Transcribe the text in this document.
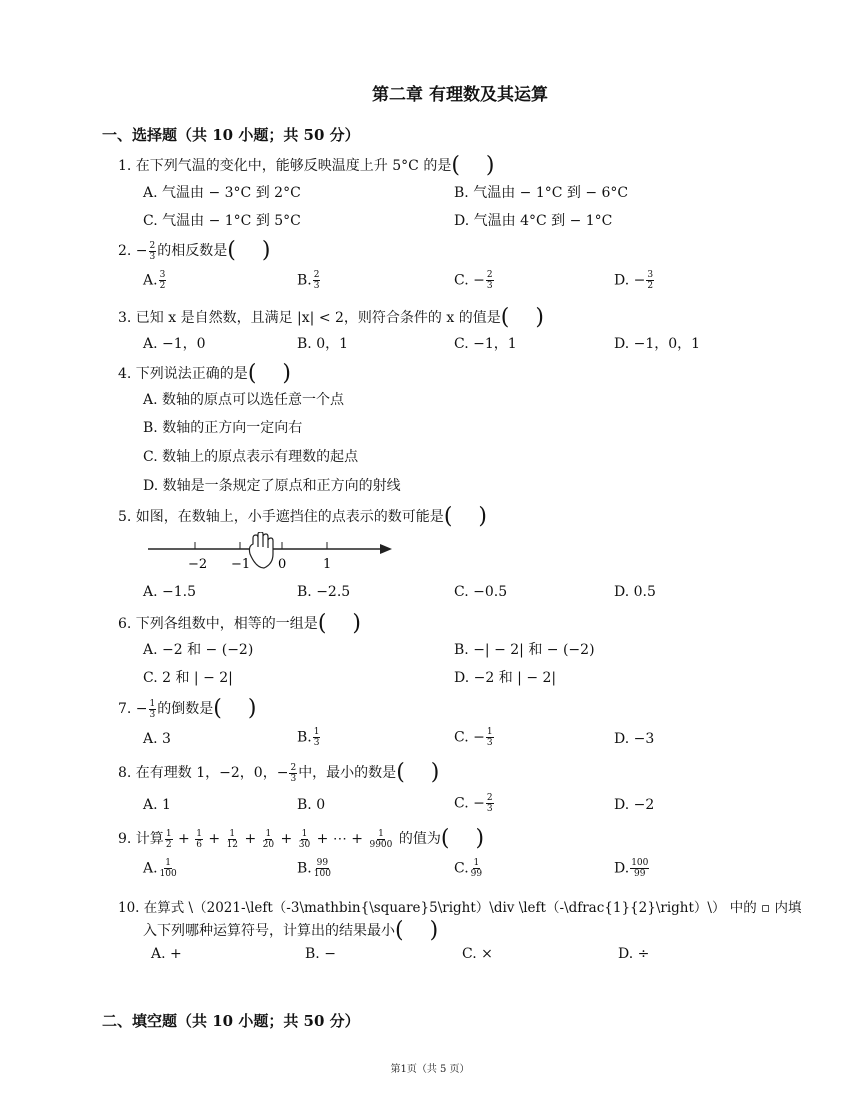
第二章 有理数及其运算
一、选择题（共 10 小题；共 50 分）
1. 在下列气温的变化中，能够反映温度上升 5°C 的是( )
A. 气温由 − 3°C 到 2°C	B. 气温由 − 1°C 到 − 6°C
C. 气温由 − 1°C 到 5°C	D. 气温由 4°C 到 − 1°C
2. − $\frac{2}{3}$ 的相反数是( )
A. $\frac{3}{2}$	B. $\frac{2}{3}$	C. − $\frac{2}{3}$	D. − $\frac{3}{2}$
3. 已知 x 是自然数，且满足 |x| < 2，则符合条件的 x 的值是( )
A. −1，0	B. 0，1	C. −1，1	D. −1，0，1
4. 下列说法正确的是( )
A. 数轴的原点可以选任意一个点
B. 数轴的正方向一定向右
C. 数轴上的原点表示有理数的起点
D. 数轴是一条规定了原点和正方向的射线
5. 如图，在数轴上，小手遮挡住的点表示的数可能是( )
−2 −1 0	1
A. −1.5	B. −2.5	C. −0.5	D. 0.5
6. 下列各组数中，相等的一组是( )
A. −2 和 − (−2)	B. −| − 2| 和 − (−2)
C. 2 和 | − 2|	D. −2 和 | − 2|
7. − $\frac{1}{3}$ 的倒数是( )
A. 3	B. $\frac{1}{3}$	C. − $\frac{1}{3}$	D. −3
8. 在有理数 1，−2，0，− $\frac{2}{3}$ 中，最小的数是( )
A. 1	B. 0	C. − $\frac{2}{3}$	D. −2
9. 计算 $\frac{1}{2} + \frac{1}{6} + \frac{1}{12} + \frac{1}{20} + \frac{1}{30}$ + ⋯ + $\frac{1}{9900}$ 的值为( )
A. $\frac{1}{100}$	B. $\frac{99}{100}$	C. $\frac{1}{99}$	D. $\frac{100}{99}$
10. 在算式 \（2021-\left（-3\mathbin{\square}5\right）\div \left（-\dfrac{1}{2}\right）\） 中的 ▫ 内填
入下列哪种运算符号，计算出的结果最小( )
A. +	B. −	C. ×	D. ÷
二、填空题（共 10 小题；共 50 分）
第1页（共 5 页）
